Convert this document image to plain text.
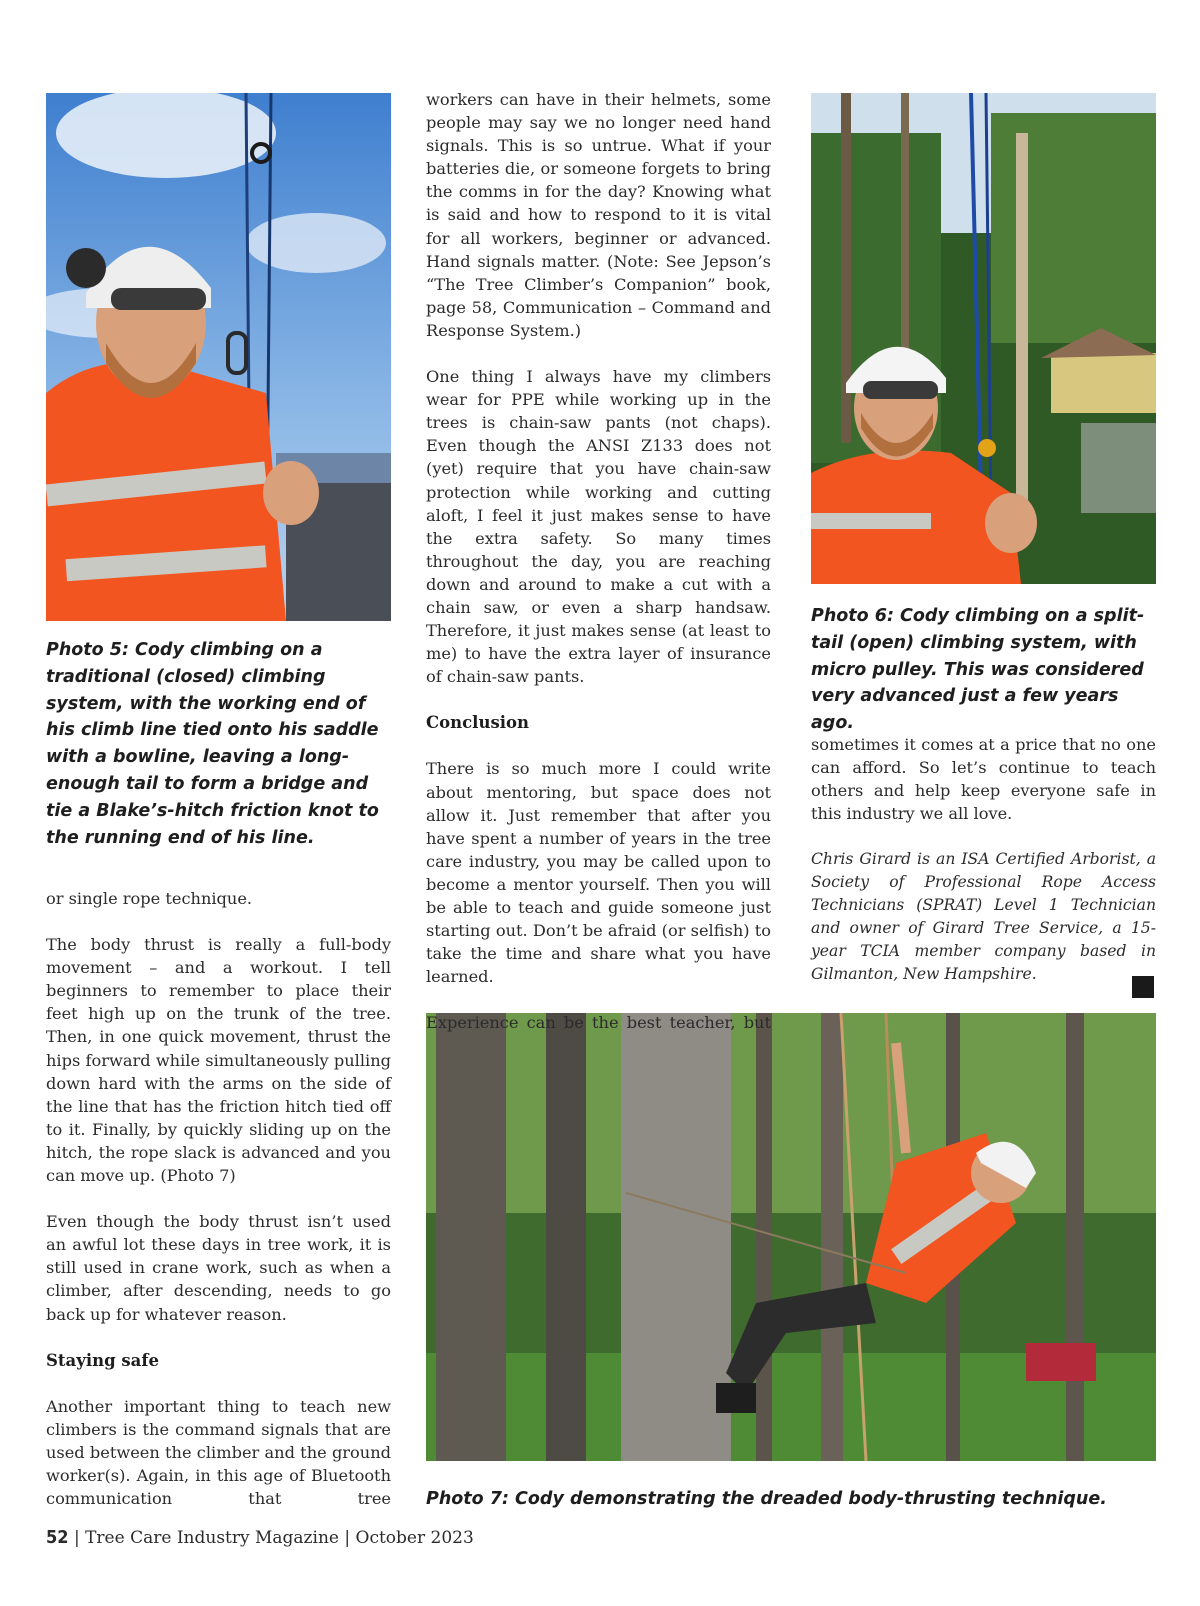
Photo 5: Cody climbing on a traditional (closed) climbing system, with the working end of his climb line tied onto his saddle with a bowline, leaving a long-enough tail to form a bridge and tie a Blake’s-hitch friction knot to the running end of his line.
Photo 6: Cody climbing on a split-tail (open) climbing system, with micro pulley. This was considered very advanced just a few years ago.
Photo 7: Cody demonstrating the dreaded body-thrusting technique.

or single rope technique.

The body thrust is really a full-body movement – and a workout. I tell beginners to remember to place their feet high up on the trunk of the tree. Then, in one quick movement, thrust the hips forward while simultaneously pulling down hard with the arms on the side of the line that has the friction hitch tied off to it. Finally, by quickly sliding up on the hitch, the rope slack is advanced and you can move up. (Photo 7)

Even though the body thrust isn’t used an awful lot these days in tree work, it is still used in crane work, such as when a climber, after descending, needs to go back up for whatever reason.

Staying safe

Another important thing to teach new climbers is the command signals that are used between the climber and the ground worker(s). Again, in this age of Bluetooth communication that tree

workers can have in their helmets, some people may say we no longer need hand signals. This is so untrue. What if your batteries die, or someone forgets to bring the comms in for the day? Knowing what is said and how to respond to it is vital for all workers, beginner or advanced. Hand signals matter. (Note: See Jepson’s “The Tree Climber’s Companion” book, page 58, Communication – Command and Response System.)

One thing I always have my climbers wear for PPE while working up in the trees is chain-saw pants (not chaps). Even though the ANSI Z133 does not (yet) require that you have chain-saw protection while working and cutting aloft, I feel it just makes sense to have the extra safety. So many times throughout the day, you are reaching down and around to make a cut with a chain saw, or even a sharp handsaw. Therefore, it just makes sense (at least to me) to have the extra layer of insurance of chain-saw pants.

Conclusion

There is so much more I could write about mentoring, but space does not allow it. Just remember that after you have spent a number of years in the tree care industry, you may be called upon to become a mentor yourself. Then you will be able to teach and guide someone just starting out. Don’t be afraid (or selfish) to take the time and share what you have learned.

Experience can be the best teacher, but

sometimes it comes at a price that no one can afford. So let’s continue to teach others and help keep everyone safe in this industry we all love.

Chris Girard is an ISA Certified Arborist, a Society of Professional Rope Access Technicians (SPRAT) Level 1 Technician and owner of Girard Tree Service, a 15-year TCIA member company based in Gilmanton, New Hampshire.

52 | Tree Care Industry Magazine | October 2023
